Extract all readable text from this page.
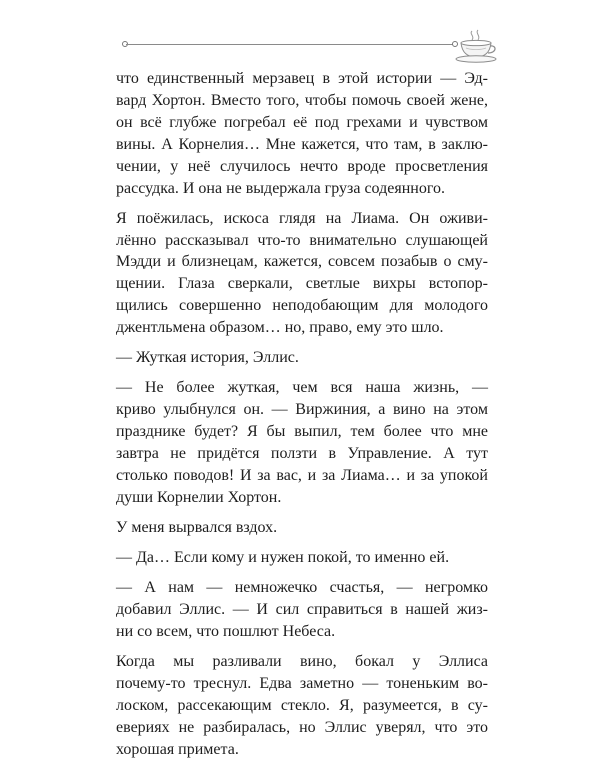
что единственный мерзавец в этой истории — Эд-
вард Хортон. Вместо того, чтобы помочь своей жене,
он всё глубже погребал её под грехами и чувством
вины. А Корнелия… Мне кажется, что там, в заклю-
чении, у неё случилось нечто вроде просветления
рассудка. И она не выдержала груза содеянного.

Я поёжилась, искоса глядя на Лиама. Он оживи-
лённо рассказывал что-то внимательно слушающей
Мэдди и близнецам, кажется, совсем позабыв о сму-
щении. Глаза сверкали, светлые вихры встопор-
щились совершенно неподобающим для молодого
джентльмена образом… но, право, ему это шло.

— Жуткая история, Эллис.

— Не более жуткая, чем вся наша жизнь, —
криво улыбнулся он. — Виржиния, а вино на этом
празднике будет? Я бы выпил, тем более что мне
завтра не придётся ползти в Управление. А тут
столько поводов! И за вас, и за Лиама… и за упокой
души Корнелии Хортон.

У меня вырвался вздох.

— Да… Если кому и нужен покой, то именно ей.

— А нам — немножечко счастья, — негромко
добавил Эллис. — И сил справиться в нашей жиз-
ни со всем, что пошлют Небеса.

Когда мы разливали вино, бокал у Эллиса
почему-то треснул. Едва заметно — тоненьким во-
лоском, рассекающим стекло. Я, разумеется, в су-
евериях не разбиралась, но Эллис уверял, что это
хорошая примета.
